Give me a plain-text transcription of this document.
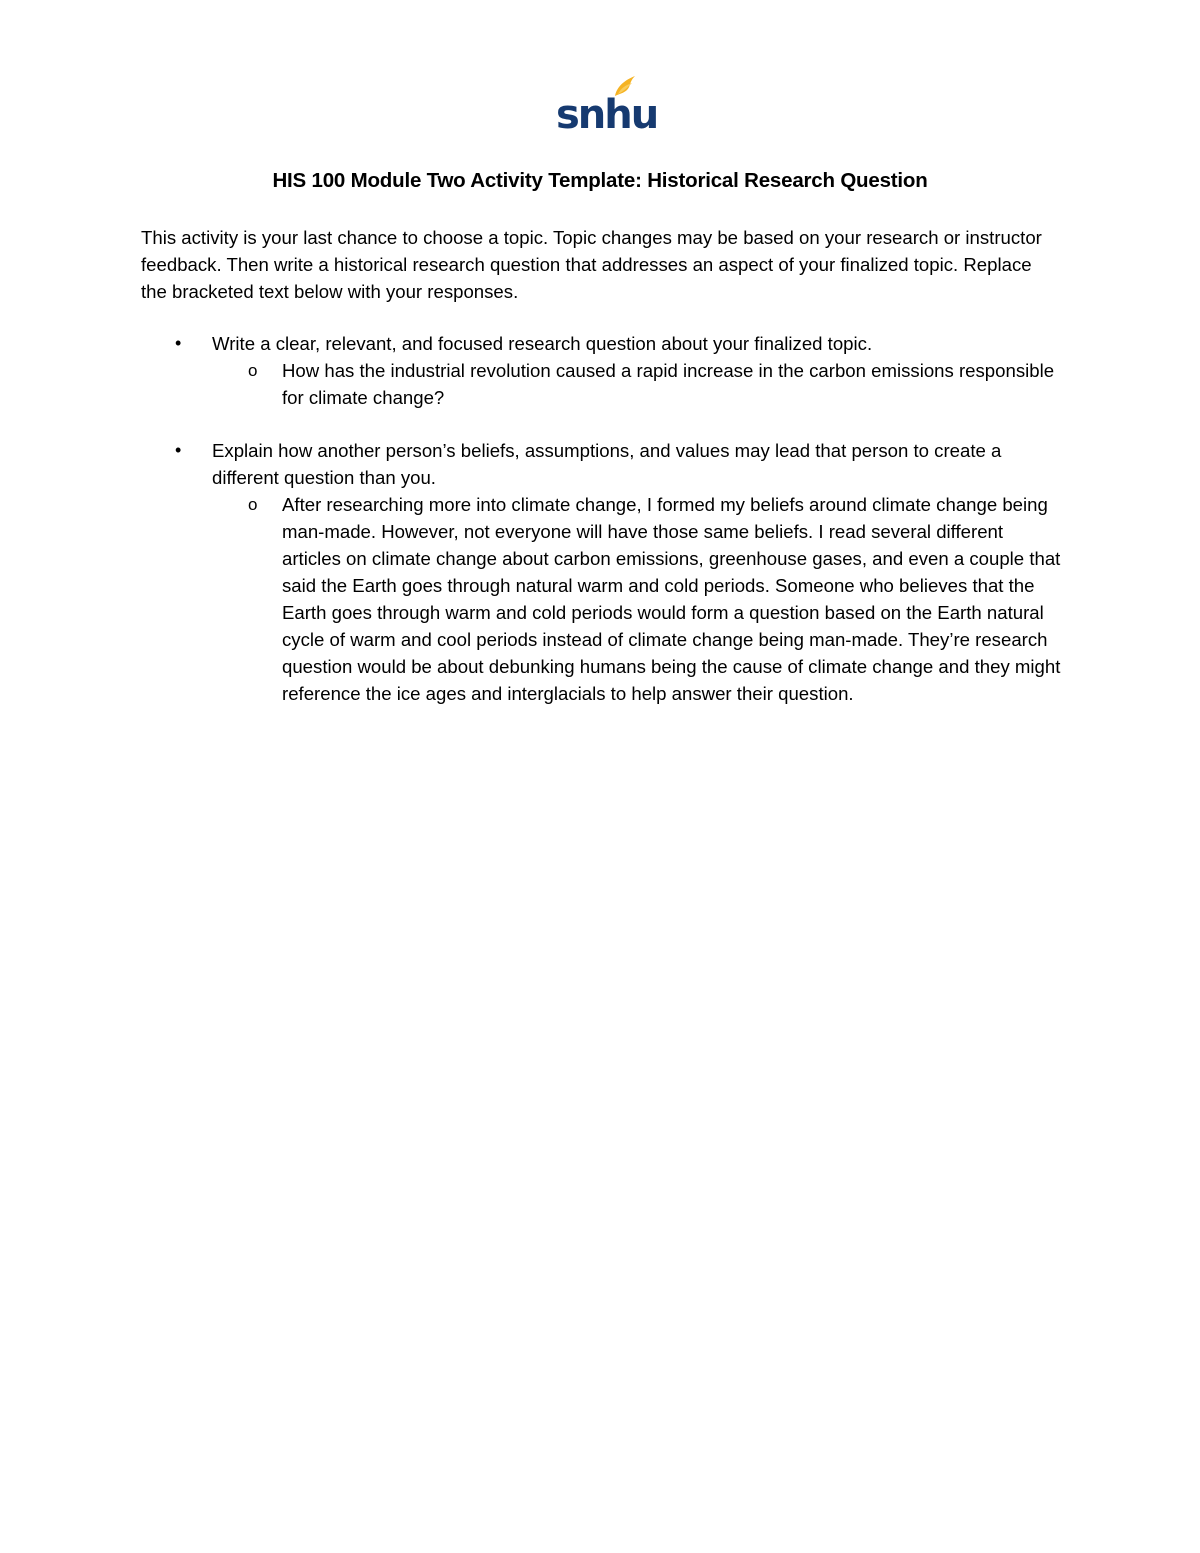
snhu
HIS 100 Module Two Activity Template: Historical Research Question
This activity is your last chance to choose a topic. Topic changes may be based on your research or instructor feedback. Then write a historical research question that addresses an aspect of your finalized topic. Replace the bracketed text below with your responses.
• Write a clear, relevant, and focused research question about your finalized topic.
o How has the industrial revolution caused a rapid increase in the carbon emissions responsible for climate change?
• Explain how another person’s beliefs, assumptions, and values may lead that person to create a different question than you.
o After researching more into climate change, I formed my beliefs around climate change being man-made. However, not everyone will have those same beliefs. I read several different articles on climate change about carbon emissions, greenhouse gases, and even a couple that said the Earth goes through natural warm and cold periods. Someone who believes that the Earth goes through warm and cold periods would form a question based on the Earth natural cycle of warm and cool periods instead of climate change being man-made. They’re research question would be about debunking humans being the cause of climate change and they might reference the ice ages and interglacials to help answer their question.
